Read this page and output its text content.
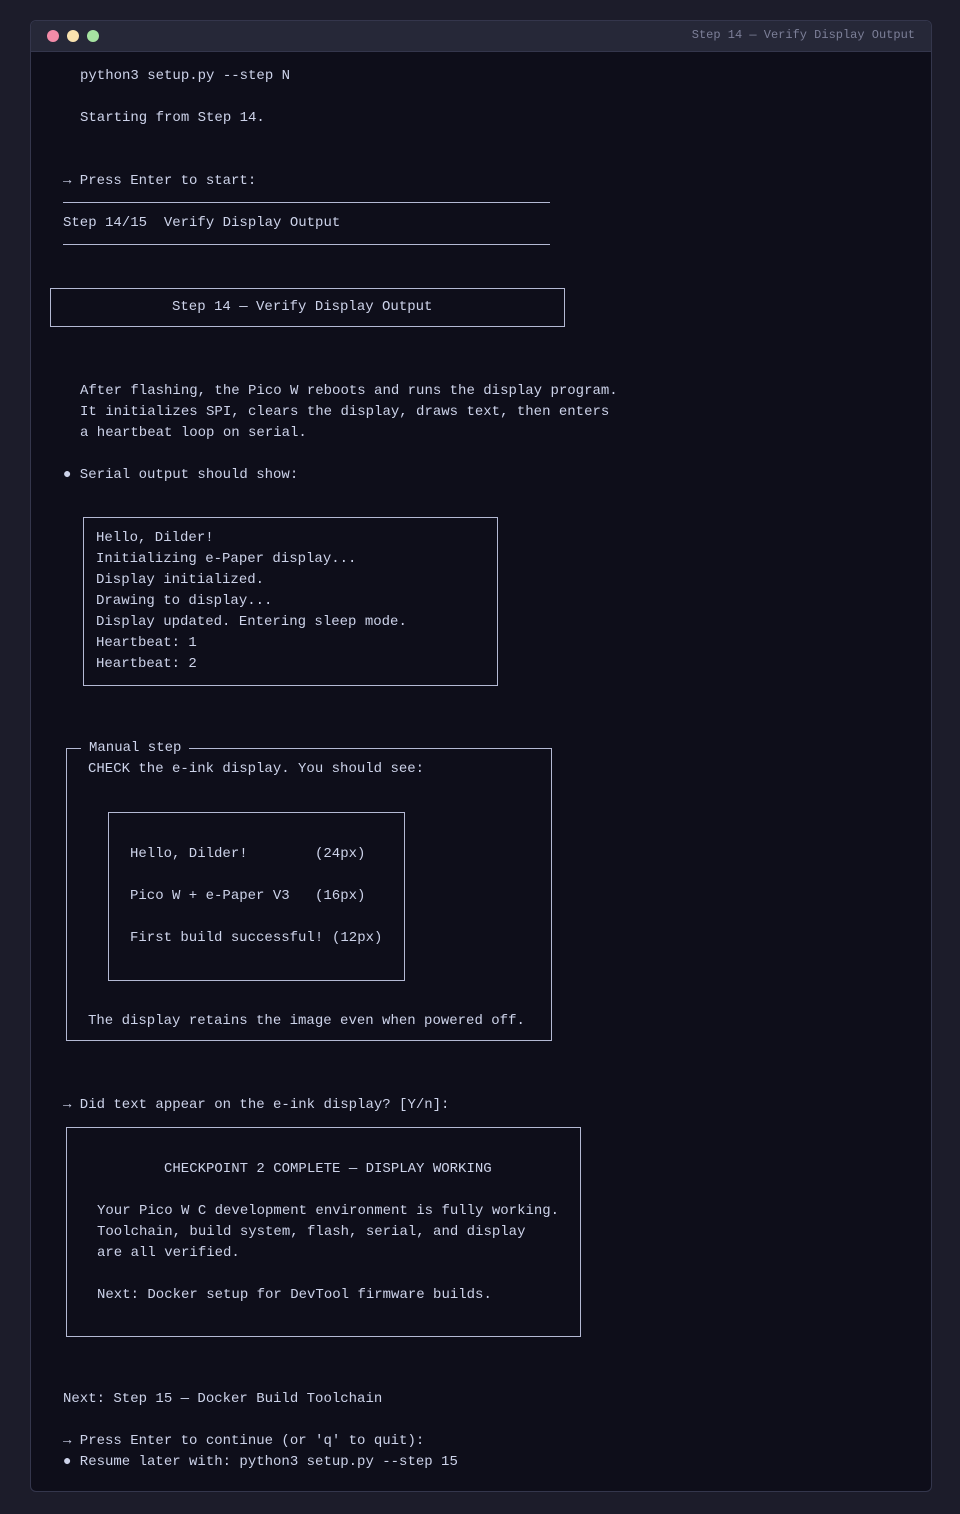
Step 14 — Verify Display Output
python3 setup.py --step N
Starting from Step 14.
→ Press Enter to start:
Step 14/15  Verify Display Output
Step 14 — Verify Display Output
After flashing, the Pico W reboots and runs the display program.
It initializes SPI, clears the display, draws text, then enters
a heartbeat loop on serial.
● Serial output should show:
Hello, Dilder!
Initializing e-Paper display...
Display initialized.
Drawing to display...
Display updated. Entering sleep mode.
Heartbeat: 1
Heartbeat: 2
Manual step
CHECK the e-ink display. You should see:
Hello, Dilder!	(24px)
Pico W + e-Paper V3 (16px)
First build successful! (12px)
The display retains the image even when powered off.
→ Did text appear on the e-ink display? [Y/n]:
CHECKPOINT 2 COMPLETE — DISPLAY WORKING
Your Pico W C development environment is fully working.
Toolchain, build system, flash, serial, and display
are all verified.
Next: Docker setup for DevTool firmware builds.
Next: Step 15 — Docker Build Toolchain
→ Press Enter to continue (or 'q' to quit):
● Resume later with: python3 setup.py --step 15
